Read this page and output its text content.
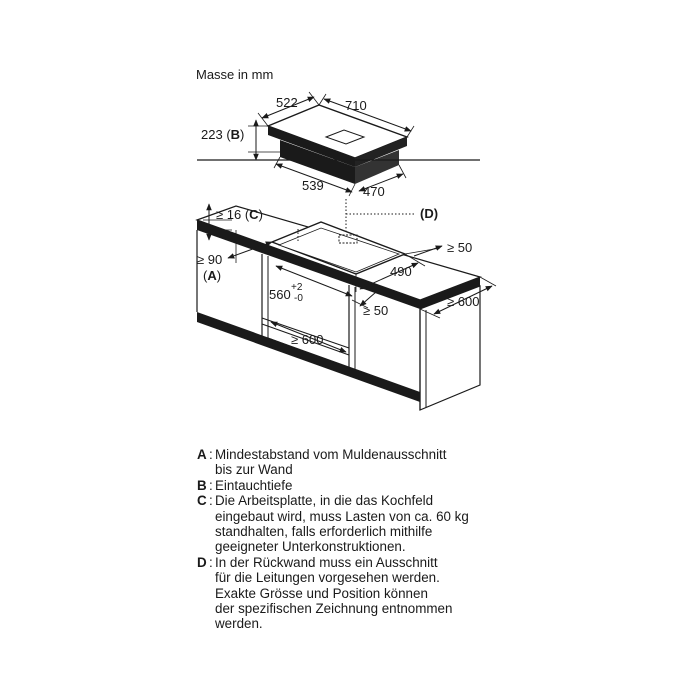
Masse in mm
522	710
223 (B)
539	470
≥ 16 (C)	(D)
≥ 50
≥ 90
(A)	490
560 +2
-0
≥ 50
≥ 600
≥ 600
A : Mindestabstand vom Muldenausschnitt
bis zur Wand
B : Eintauchtiefe
C : Die Arbeitsplatte, in die das Kochfeld
eingebaut wird, muss Lasten von ca. 60 kg
standhalten, falls erforderlich mithilfe
geeigneter Unterkonstruktionen.
D : In der Rückwand muss ein Ausschnitt
für die Leitungen vorgesehen werden.
Exakte Grösse und Position können
der spezifischen Zeichnung entnommen
werden.
